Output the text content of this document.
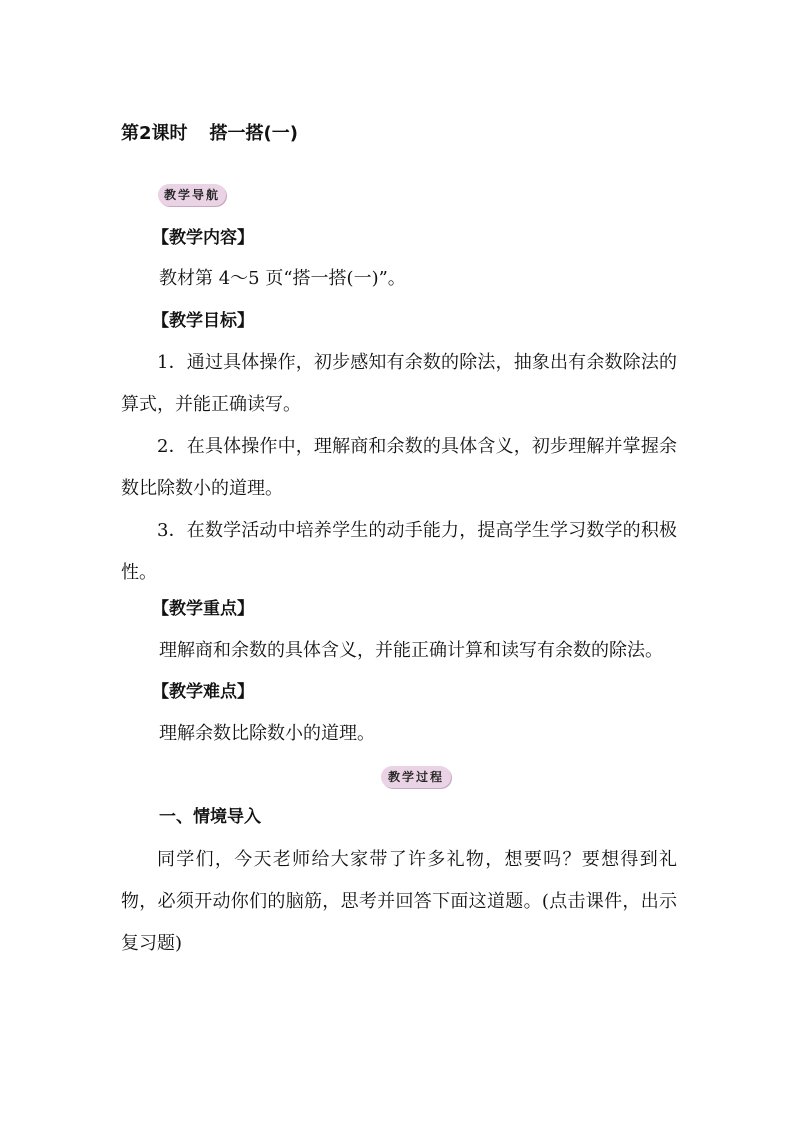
第2课时 搭一搭(一)
教学导航
【教学内容】
教材第 4～5 页“搭一搭(一)”。
【教学目标】
1．通过具体操作，初步感知有余数的除法，抽象出有余数除法的算式，并能正确读写。
2．在具体操作中，理解商和余数的具体含义，初步理解并掌握余数比除数小的道理。
3．在数学活动中培养学生的动手能力，提高学生学习数学的积极性。
【教学重点】
理解商和余数的具体含义，并能正确计算和读写有余数的除法。
【教学难点】
理解余数比除数小的道理。
教学过程
一、情境导入
同学们，今天老师给大家带了许多礼物，想要吗？要想得到礼物，必须开动你们的脑筋，思考并回答下面这道题。(点击课件，出示复习题)
